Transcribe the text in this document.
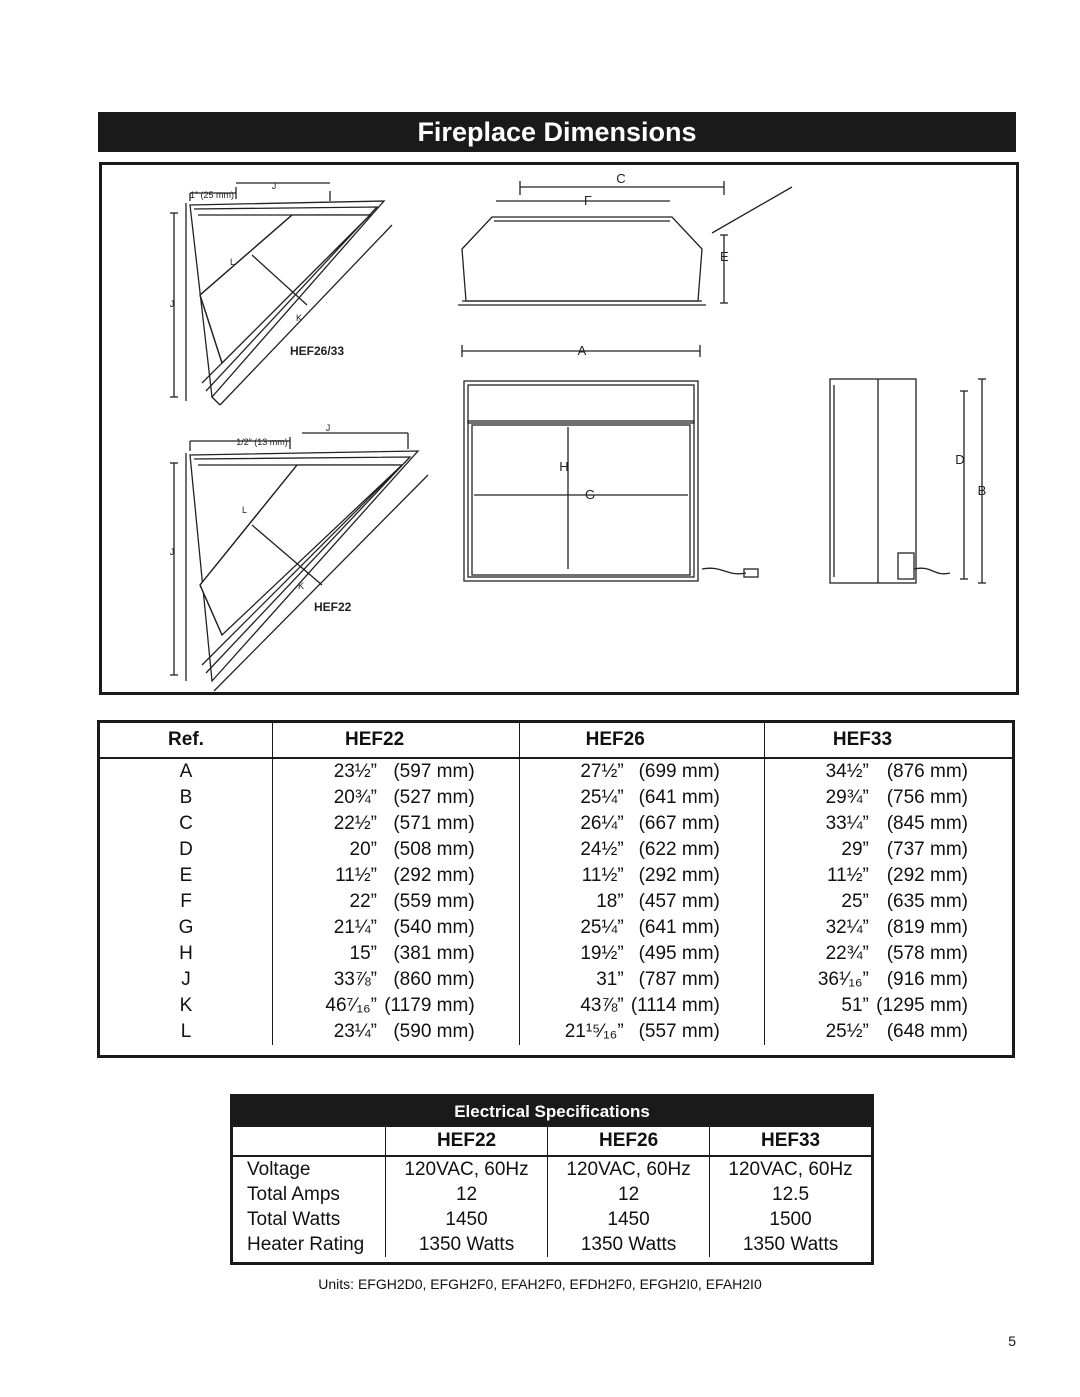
Fireplace Dimensions
C
F
E
A
H
G
D
B
HEF26/33
HEF22
J
1” (25 mm)
J
L
K
J
1/2” (13 mm)
J
L
K
Ref.	HEF22	HEF26	HEF33
A	23½” (597 mm)	27½” (699 mm)	34½” (876 mm)

B	20¾” (527 mm)	25¼” (641 mm)	29¾” (756 mm)

C	22½” (571 mm)	26¼” (667 mm)	33¼” (845 mm)

D	20” (508 mm)	24½” (622 mm)	29” (737 mm)

E	11½” (292 mm)	11½” (292 mm)	11½” (292 mm)

F	22” (559 mm)	18” (457 mm)	25” (635 mm)

G	21¼” (540 mm)	25¼” (641 mm)	32¼” (819 mm)

H	15” (381 mm)	19½” (495 mm)	22¾” (578 mm)

J	33⅞” (860 mm)	31” (787 mm)	36¹⁄₁₆” (916 mm)

K	46⁷⁄₁₆” (1179 mm)	43⅞” (1114 mm)	51” (1295 mm)

L	23¼” (590 mm)	21¹⁵⁄₁₆” (557 mm)	25½” (648 mm)
Electrical Specifications
	HEF22	HEF26	HEF33
Voltage	120VAC, 60Hz	120VAC, 60Hz	120VAC, 60Hz
Total Amps	12	12	12.5
Total Watts	1450	1450	1500
Heater Rating	1350 Watts	1350 Watts	1350 Watts
Units: EFGH2D0, EFGH2F0, EFAH2F0, EFDH2F0, EFGH2I0, EFAH2I0
5
